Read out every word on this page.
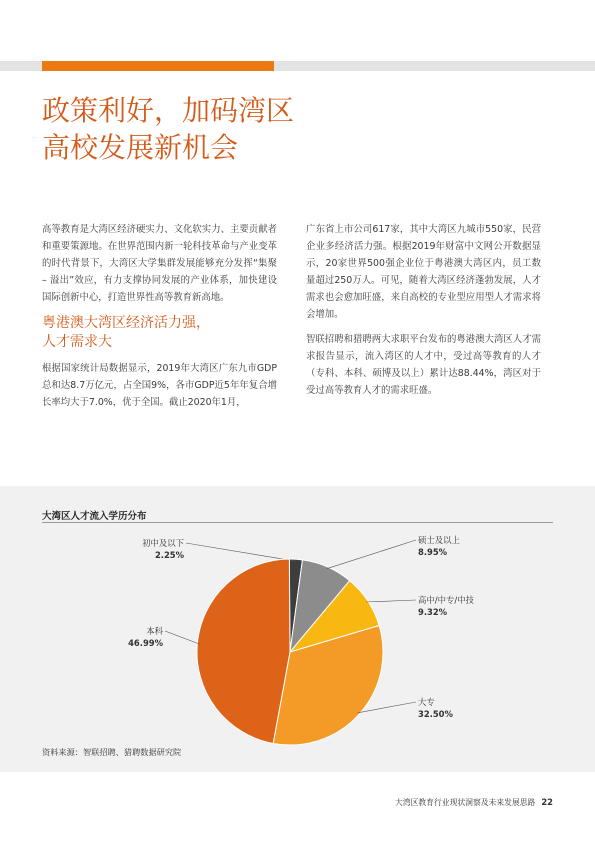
政策利好，加码湾区
高校发展新机会

高等教育是大湾区经济硬实力、文化软实力、主要贡献者和重要策源地。在世界范围内新一轮科技革命与产业变革的时代背景下，大湾区大学集群发展能够充分发挥“集聚 – 溢出”效应，有力支撑协同发展的产业体系，加快建设国际创新中心，打造世界性高等教育新高地。

粤港澳大湾区经济活力强，
人才需求大

根据国家统计局数据显示，2019年大湾区广东九市GDP总和达8.7万亿元，占全国9%，各市GDP近5年年复合增长率均大于7.0%，优于全国。截止2020年1月，

广东省上市公司617家，其中大湾区九城市550家，民营企业多经济活力强。根据2019年财富中文网公开数据显示，20家世界500强企业位于粤港澳大湾区内，员工数量超过250万人。可见，随着大湾区经济蓬勃发展，人才需求也会愈加旺盛，来自高校的专业型应用型人才需求将会增加。

智联招聘和猎聘两大求职平台发布的粤港澳大湾区人才需求报告显示，流入湾区的人才中，受过高等教育的人才（专科、本科、硕博及以上）累计达88.44%，湾区对于受过高等教育人才的需求旺盛。

大湾区人才流入学历分布
初中及以下
2.25%
硕士及以上
8.95%
高中/中专/中技
9.32%
大专
32.50%
本科
46.99%
资料来源：智联招聘、猎聘数据研究院
大湾区教育行业现状洞察及未来发展思路 22
